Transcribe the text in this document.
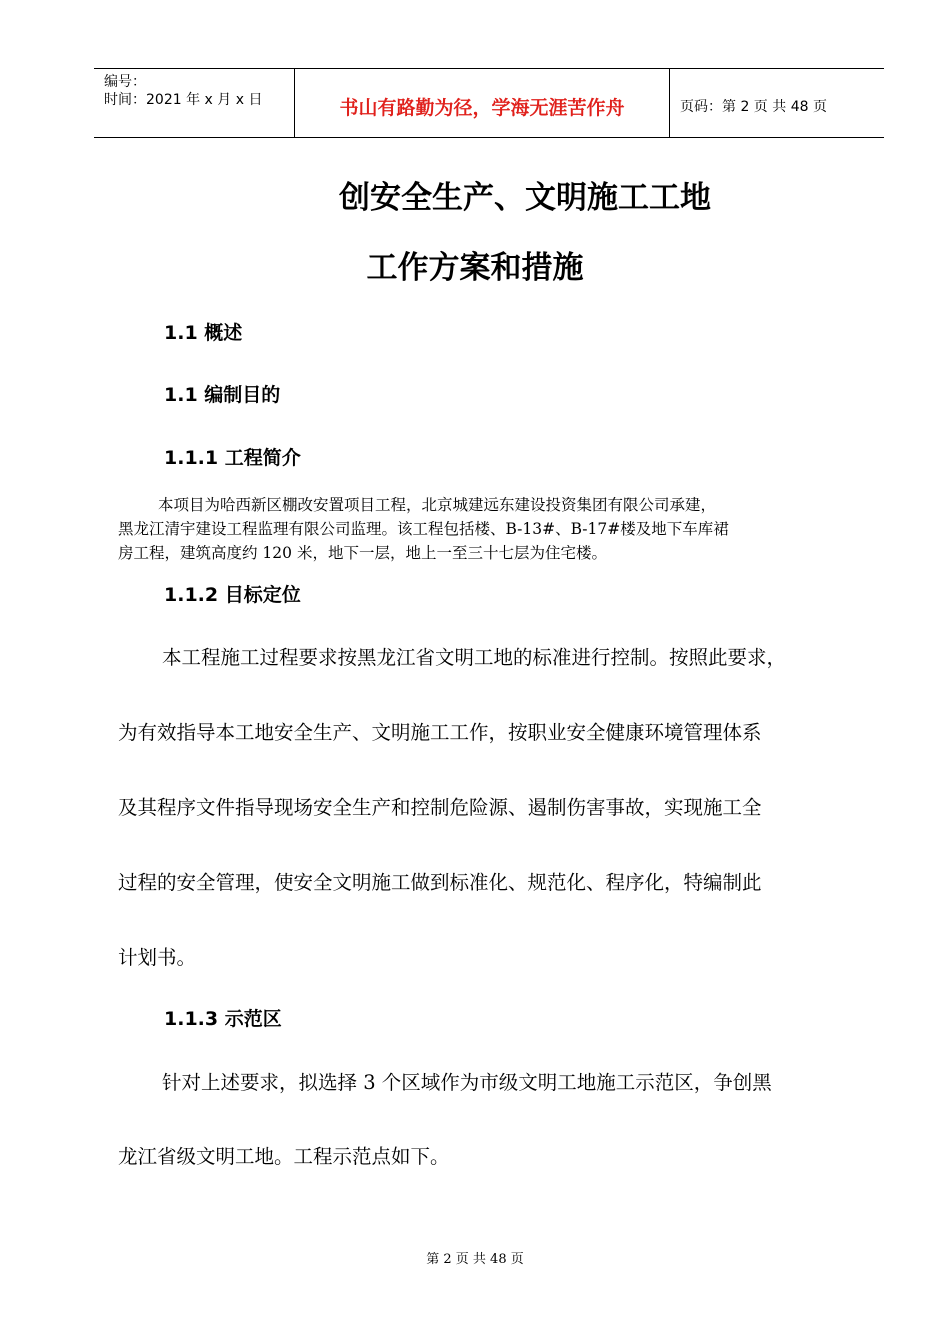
编号：
时间：2021 年 x 月 x 日	书山有路勤为径，学海无涯苦作舟	页码：第 2 页 共 48 页
创安全生产、文明施工工地
工作方案和措施
1.1 概述
1.1 编制目的
1.1.1 工程简介

本项目为哈西新区棚改安置项目工程，北京城建远东建设投资集团有限公司承建，

黑龙江清宇建设工程监理有限公司监理。该工程包括楼、B-13#、B-17#楼及地下车库裙

房工程，建筑高度约 120 米，地下一层，地上一至三十七层为住宅楼。

1.1.2 目标定位
本工程施工过程要求按黑龙江省文明工地的标准进行控制。按照此要求，
为有效指导本工地安全生产、文明施工工作，按职业安全健康环境管理体系
及其程序文件指导现场安全生产和控制危险源、遏制伤害事故，实现施工全
过程的安全管理，使安全文明施工做到标准化、规范化、程序化，特编制此
计划书。
1.1.3 示范区
针对上述要求，拟选择 3 个区域作为市级文明工地施工示范区，争创黑
龙江省级文明工地。工程示范点如下。
第 2 页 共 48 页
